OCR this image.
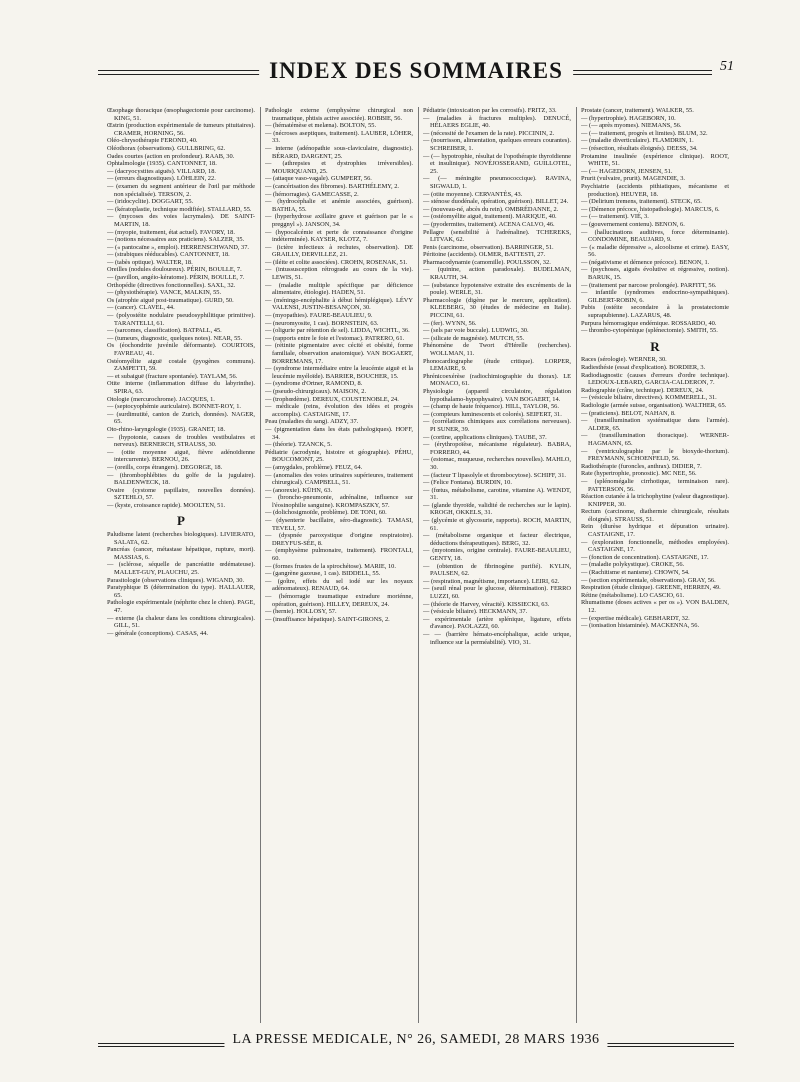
INDEX DES SOMMAIRES	51

Œsophage thoracique (œsophagectomie pour carcinome). KING, 51.

Œstrin (production expérimentale de tumeurs pituitaires). CRAMER, HORNING, 56.

Oléo-chrysothérapie FEROND, 40.

Oléothorax (observations). GULLBRING, 62.

Oades courtes (action en profondeur). RAAB, 30.

Ophtalmologie (1935). CANTONNET, 18.

— (dacryocystites aiguës). VILLARD, 18.

— (erreurs diagnostiques). LÖHLEIN, 22.

— (examen du segment antérieur de l'œil par méthode non spécialisée). TERSON, 2.

— (iridocyclite). DOGGART, 55.

— (kératoplastie, technique modifiée). STALLARD, 55.

— (mycoses des voies lacrymales). DE SAINT-MARTIN, 18.

— (myopie, traitement, état actuel). FAVORY, 18.

— (notions nécessaires aux praticiens). SALZER, 35.

— (« pantocaïne », emploi). HERRENSCHWAND, 37.

— (strabiques rééducables). CANTONNET, 18.

— (tabès optique). WALTER, 18.

Oreilles (nodules douloureux). PÉRIN, BOULLE, 7.

— (pavillon, angéio-kératome). PÉRIN, BOULLE, 7.

Orthopédie (directives fonctionnelles). SAXL, 32.

— (physiothérapie). VANCE, MALKIN, 55.

Os (atrophie aiguë post-traumatique). GURD, 50.

— (cancer). CLAVEL, 44.

— (polyostéite nodulaire pseudosyphilitique primitive). TARANTELLI, 61.

— (sarcomes, classification). BATPALL, 45.

— (tumeurs, diagnostic, quelques notes). NEAR, 55.

Os (éochondrite juvénile déformante). COURTOIS, FAVREAU, 41.

Ostéomyélite aiguë costale (pyogènes communs). ZAMPETTI, 59.

— et subaiguë (fracture spontanée). TAYLAM, 56.

Otite interne (inflammation diffuse du labyrinthe). SPIRA, 63.

Otologie (mercurochrome). JACQUES, 1.

— (septocyophémie auriculaire). BONNET-ROY, 1.

— (surdimutité, canton de Zurich, données). NAGER, 65.

Oto-rhino-laryngologie (1935). GRANET, 18.

— (hypotonie, causes de troubles vestibulaires et nerveux). BERNERCH, STRAUSS, 30.

— (otite moyenne aiguë, fièvre adénoïdienne intercurrente). BERNOU, 26.

— (oreills, corps étrangers). DEGORGE, 18.

— (thrombophlébites du golfe de la jugulaire). BALDENWECK, 18.

Ovaire (cystome papillaire, nouvelles données). SZTEHLO, 57.

— (kyste, croissance rapide). MOOLTEN, 51.

P

Paludisme latent (recherches biologiques). LIVIERATO, SALATA, 62.

Pancréas (cancer, métastase hépatique, rupture, mort). MASSIAS, 6.

— (sclérose, séquelle de pancréatite œdémateuse). MALLET-GUY, PLAUCHU, 25.

Parasitologie (observations cliniques). WIGAND, 30.

Paratyphique B (détermination du type). HALLAUER, 65.

Pathologie expérimentale (néphrite chez le chien). PAGE, 47.

— externe (la chaleur dans les conditions chirurgicales). GILL, 51.

— générale (conceptions). CASAS, 44.

Pathologie externe (emphysème chirurgical non traumatique, phtisis active associée). ROBBIE, 56.

— (hématémèse et melæna). BOLTON, 55.

— (nécroses aseptiques, traitement). LAUBER, LÖHER, 33.

— interne (adénopathie sous-claviculaire, diagnostic). BÉRARD, DARGENT, 25.

— (athrepsies et dystrophies irréversibles). MOURIQUAND, 25.

— (attaque vaso-vagale). GUMPERT, 56.

— (cancérisation des fibromes). BARTHÉLEMY, 2.

— (hémorragies). GAMECASSE, 2.

— (hydrocéphalie et anémie associées, guérison). BATHIA, 55.

— (hyperhydrose axillaire grave et guérison par le « preggnyl »). JANSON, 34.

— (hypocalcémie et perte de connaissance d'origine indéterminée). KAYSER, KLOTZ, 7.

— (ictère infectieux à rechutes, observation). DE GRAILLY, DERVILLEZ, 21.

— (iléite et colite associées). CROHN, ROSENAK, 51.

— (intussusception rétrograde au cours de la vie). LEWIS, 51.

— (maladie multiple spécifique par déficience alimentaire, étiologie). HADEN, 51.

— (méningo-encéphalite à début hémiplégique). LÉVY VALENSI, JUSTIN-BESANÇON, 30.

— (myopathies). FAURE-BEAULIEU, 9.

— (neuromyosite, 1 cas). BORNSTEIN, 63.

— (oligurie par rétention de sel). LIDDA, WICHTL, 36.

— (rapports entre le foie et l'estomac). PATRERO, 61.

— (rétinite pigmentaire avec cécité et obésité, forme familiale, observation anatomique). VAN BOGAERT, BORREMANS, 17.

— (syndrome intermédiaire entre la leucémie aiguë et la leucémie myéloïde). BARRIER, BOUCHER, 15.

— (syndrome d'Ortner, RAMOND, 8.

— (pseudo-chirurgicaux). MAISON, 2.

— (trophœdème). DEREUX, COUSTENOBLE, 24.

— médicale (reins, évolution des idées et progrès accomplis). CASTAIGNE, 17.

Peau (maladies du sang). ADZY, 37.

— (pigmentation dans les états pathologiques). HOFF, 34.

— (théorie). TZANCK, 5.

Pédiatrie (acrodynie, histoire et géographie). PÉHU, BOUCOMONT, 25.

— (amygdales, problème). FEUZ, 64.

— (anomalies des voies urinaires supérieures, traitement chirurgical). CAMPBELL, 51.

— (anorexie). KÜHN, 63.

— (broncho-pneumonie, adrénaline, influence sur l'éosinophilie sanguine). KROMPASZKY, 57.

— (dolichosigmoïde, problème). DE TONI, 60.

— (dysenterie bacillaire, séro-diagnostic). TAMASI, TEVELI, 57.

— (dyspnée paroxystique d'origine respiratoire). DREYFUS-SÉE, 8.

— (emphysème pulmonaire, traitement). FRONTALI, 60.

— (formes frustes de la spirochétose). MARIE, 10.

— (gangrène gazeuse, 1 cas). BIDDELL, 55.

— (goître, effets du sel iodé sur les noyaux adénomateux). RENAUD, 64.

— (hémorragie traumatique extradure moriénne, opération, guérison). HILLEY, DEREUX, 24.

— (hernie). HOLLOSY, 57.

— (insuffisance hépatique). SAINT-GIRONS, 2.

Pédiatrie (intoxication par les corrosifs). FRITZ, 33.

— (maladies à fractures multiples). DENUCÉ, HÉLAERS EGLIE, 40.

— (nécessité de l'examen de la rate). PICCININ, 2.

— (nourrisson, alimentation, quelques erreurs courantes). SCHREIBER, 1.

— (— hypotrophie, résultat de l'opothérapie thyroïdienne et insulinique). NOVÉJOSSERAND, GUILLOTEL, 25.

— (— méningite pneumococcique). RAVINA, SIGWALD, 1.

— (otite moyenne). CERVANTÈS, 43.

— sténose duodénale, opération, guérison). BILLET, 24.

— (nouveau-né, abcès du rein). OMBRÉDANNE, 2.

— (ostéomyélite aiguë, traitement). MARIQUE, 40.

— (pyodermites, traitement). ACENA CALVO, 46.

Pellagre (sensibilité à l'adrénaline). TCHEREKS, LITVAK, 62.

Penis (carcinome, observation). BARRINGER, 51.

Péritoine (accidents). OLMER, BATTESTI, 27.

Pharmacodynamie (camomille). POULSSON, 32.

— (quinine, action paradoxale). BUDELMAN, KRAUTH, 34.

— (substance hypotensive extraite des excréments de la poule). WERLE, 31.

Pharmacologie (digène par le mercure, application). KLEEBERG, 30 (études de médecine en Italie). PICCINI, 61.

— (fer). WYNN, 56.

— (sels par voie buccale). LUDWIG, 30.

— (silicate de magnésie). MUTCH, 55.

Phénomène de Twort d'Hérelle (recherches). WOLLMAN, 11.

Phonocardiographe (étude critique). LORPER, LEMAIRE, 9.

Phrénicoexérèse (radiochimiographie du thorax). LE MONACO, 61.

Physiologie (appareil circulatoire, régulation hypothalamo-hypophysaire). VAN BOGAERT, 14.

— (champ de haute fréquence). HILL, TAYLOR, 56.

— (compteurs luminescents et colorés). SEIFERT, 31.

— (corrélations chimiques aux corrélations nerveuses). PI SUNER, 39.

— (cortine, applications cliniques). TAUBE, 37.

— (érythropoïèse, mécanisme régulateur). BABRA, FORRERO, 44.

— (estomac, muqueuse, recherches nouvelles). MAHLO, 30.

— (facteur T lipasolyle et thrombocytose). SCHIFF, 31.

— (Felice Fontana). BURDIN, 10.

— (fœtus, métabolisme, carotine, vitamine A). WENDT, 31.

— (glande thyroïde, validité de recherches sur le lapin). KROGH, OKKELS, 31.

— (glycémie et glycosurie, rapports). ROCH, MARTIN, 61.

— (métabolisme organique et facteur électrique, déductions thérapeutiques). BERG, 32.

— (myotomies, origine centrale). FAURE-BEAULIEU, GENTY, 18.

— (obtention de fibrinogène purifié). KYLIN, PAULSEN, 62.

— (respiration, magnétisme, importance). LEIRI, 62.

— (seuil rénal pour le glucose, détermination). FERRO LUZZI, 60.

— (théorie de Harvey, véracité). KISSIECKI, 63.

— (vésicule biliaire). HECKMANN, 37.

— expérimentale (artère splénique, ligature, effets d'avance). PAOLAZZI, 60.

— — (barrière hémato-encéphalique, acide urique, influence sur la perméabilité). VIO, 31.

Prostate (cancer, traitement). WALKER, 55.

— (hypertrophie). HAGEBORN, 10.

— (— après myomes). NIEMANS, 56.

— (— traitement, progrès et limites). BLUM, 32.

— (maladie diverticulaire). FLAMDRIN, 1.

— (résection, résultats éloignés). DEESS, 34.

Protamine insulinée (expérience clinique). ROOT, WHITE, 51.

— (— HAGEDORN, JENSEN, 51.

Prurit (vulvaire, prurit). MAGENDIE, 3.

Psychiatrie (accidents pithiatiques, mécanisme et production). HEUYER, 18.

— (Delirium tremens, traitement). STECK, 65.

— (Démence précoce, histopathologie). MARCUS, 6.

— (— traitement). VIÉ, 3.

— (gouvernement contenu). BENON, 6.

— (hallucinations auditives, force déterminante). CONDOMINE, BEAUJARD, 9.

— (« maladie dépressive », alcoolisme et crime). EASY, 56.

— (négativisme et démence précoce). BENON, 1.

— (psychoses, aiguës évolutive et régressive, notion). BARUK, 15.

— (traitement par narcose prolongée). PARFITT, 56.

— infantile (syndromes endocrino-sympathiques). GILBERT-ROBIN, 6.

Pubis (ostéite secondaire à la prostatectomie suprapubienne). LAZARUS, 48.

Purpura hémorragique endémique. ROSSARDO, 40.

— thrombo-cytopénique (splénectomie). SMITH, 55.

R

Races (sérologie). WERNER, 30.

Radiesthésie (essai d'explication). BORDIER, 3.

Radiodiagnostic (causes d'erreurs d'ordre technique). LEDOUX-LEBARD, GARCIA-CALDERON, 7.

Radiographie (crâne, technique). DEREUX, 24.

— (vésicule biliaire, directives). KOMMERELL, 31.

Radiologie (armée suisse, organisation). WALTHER, 65.

— (praticiens). BELOT, NAHAN, 8.

— (transillumination systématique dans l'armée). ALDER, 65.

— (transillumination thoracique). WERNER-HAGMANN, 65.

— (ventriculographie par le bioxyde-thorium). FREYMANN, SCHOENFELD, 56.

Radiothérapie (furoncles, anthrax). DIDIER, 7.

Rate (hypertrophie, pronostic). MC NEE, 56.

— (splénomégalie cirrhotique, terminaison rare). PATTERSON, 56.

Réaction cutanée à la trichophytine (valeur diagnostique). KNIPPER, 30.

Rectum (carcinome, diathermie chirurgicale, résultats éloignés). STRAUSS, 51.

Rein (diurèse hydrique et dépuration urinaire). CASTAIGNE, 17.

— (exploration fonctionnelle, méthodes employées). CASTAIGNE, 17.

— (fonction de concentration). CASTAIGNE, 17.

— (maladie polykystique). CROKE, 56.

— (Rachitisme et nanisme). CHOWN, 54.

— (section expérimentale, observations). GRAY, 56.

Respiration (étude clinique). GREENE, HERREN, 49.

Rétine (métabolisme). LO CASCIO, 61.

Rhumatisme (doses actives « per os »). VON BALDEN, 12.

— (expertise médicale). GEBHARDT, 32.

— (ionisation histaminée). MACKENNA, 56.

LA PRESSE MEDICALE, N° 26, SAMEDI, 28 MARS 1936
